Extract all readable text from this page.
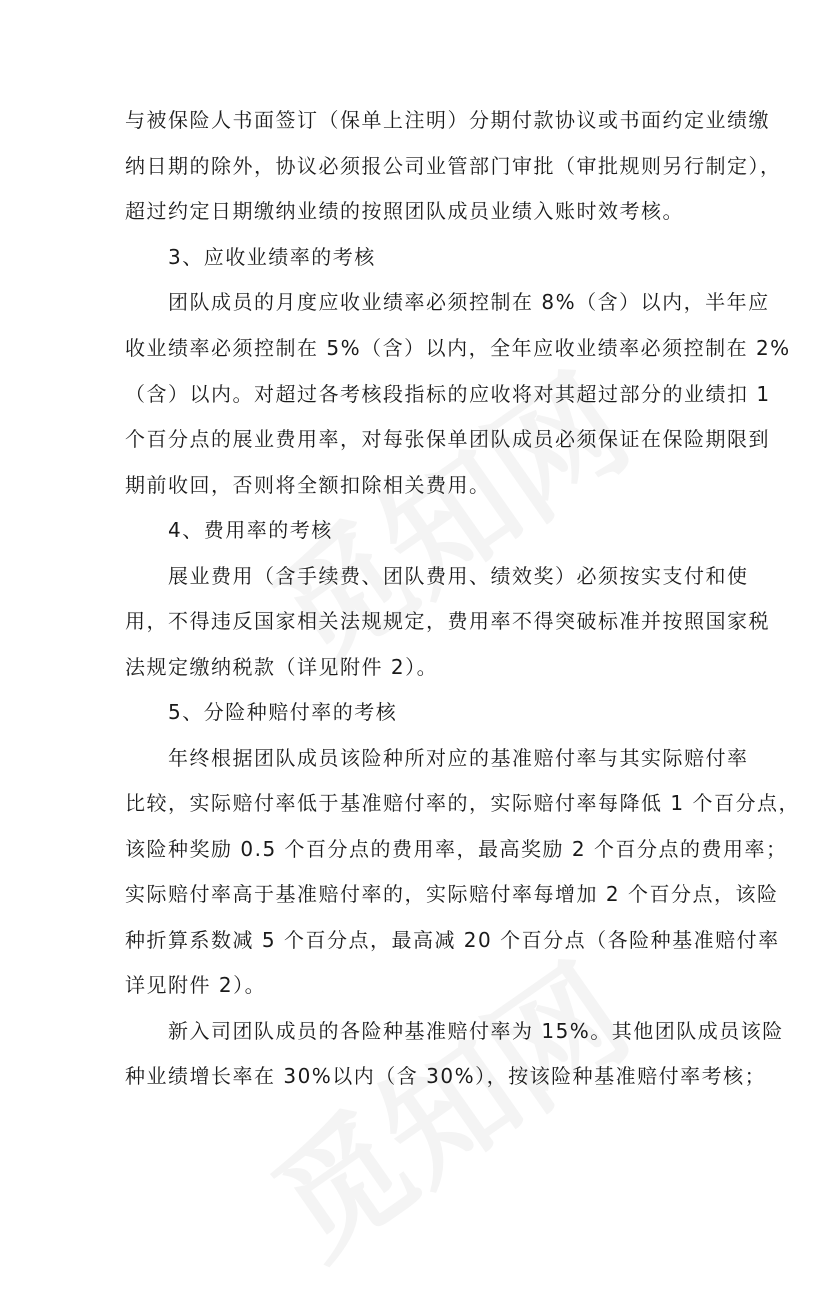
与被保险人书面签订（保单上注明）分期付款协议或书面约定业绩缴
纳日期的除外，协议必须报公司业管部门审批（审批规则另行制定），
超过约定日期缴纳业绩的按照团队成员业绩入账时效考核。
3、应收业绩率的考核
团队成员的月度应收业绩率必须控制在 8%（含）以内，半年应
收业绩率必须控制在 5%（含）以内，全年应收业绩率必须控制在 2%
（含）以内。对超过各考核段指标的应收将对其超过部分的业绩扣 1
个百分点的展业费用率，对每张保单团队成员必须保证在保险期限到
期前收回，否则将全额扣除相关费用。
4、费用率的考核
展业费用（含手续费、团队费用、绩效奖）必须按实支付和使
用，不得违反国家相关法规规定，费用率不得突破标准并按照国家税
法规定缴纳税款（详见附件 2）。
5、分险种赔付率的考核
年终根据团队成员该险种所对应的基准赔付率与其实际赔付率
比较，实际赔付率低于基准赔付率的，实际赔付率每降低 1 个百分点，
该险种奖励 0.5 个百分点的费用率，最高奖励 2 个百分点的费用率；
实际赔付率高于基准赔付率的，实际赔付率每增加 2 个百分点，该险
种折算系数减 5 个百分点，最高减 20 个百分点（各险种基准赔付率
详见附件 2）。
新入司团队成员的各险种基准赔付率为 15%。其他团队成员该险
种业绩增长率在 30%以内（含 30%），按该险种基准赔付率考核；
